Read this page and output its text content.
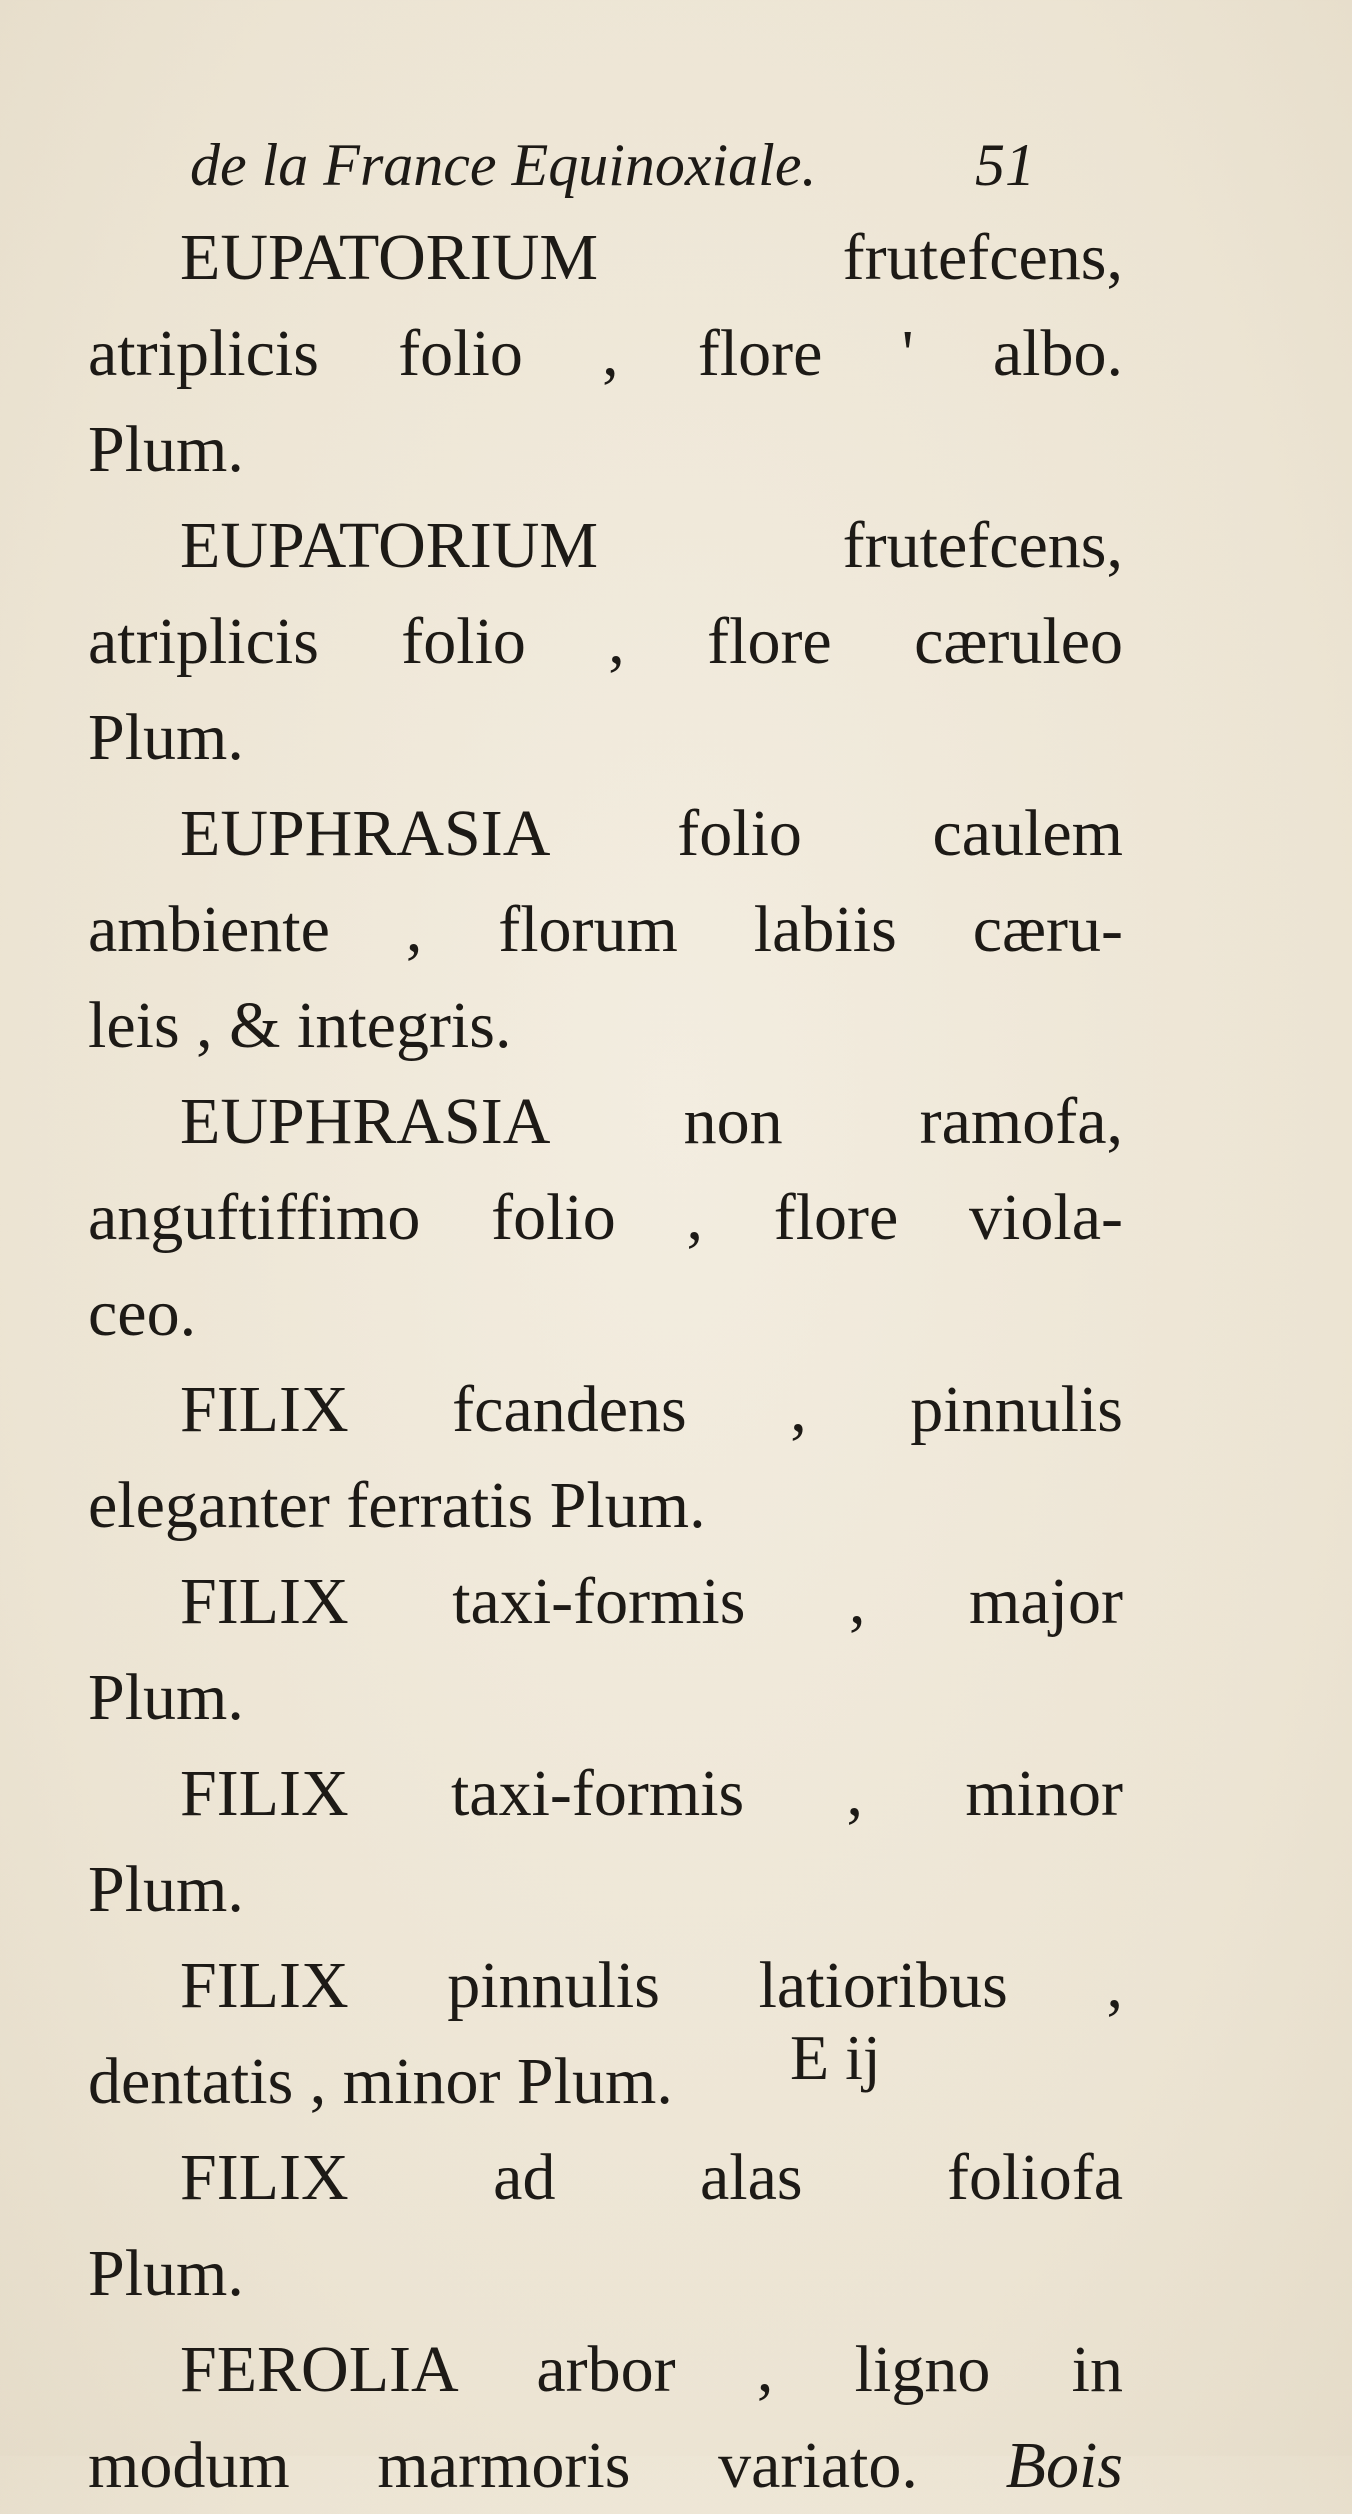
de la France Equinoxiale.	51
EUPATORIUM frutefcens,
atriplicis folio , flore ' albo.
Plum.
EUPATORIUM frutefcens,
atriplicis folio , flore cæruleo
Plum.
EUPHRASIA folio caulem
ambiente , florum labiis cæru-
leis , & integris.
EUPHRASIA non ramofa,
anguftiffimo folio , flore viola-
ceo.
FILIX fcandens , pinnulis
eleganter ferratis Plum.
FILIX taxi-formis , major
Plum.
FILIX taxi-formis , minor
Plum.
FILIX pinnulis latioribus ,
dentatis , minor Plum.
FILIX ad alas foliofa
Plum.
FEROLIA arbor , ligno in
modum marmoris variato. Bois
E ij
